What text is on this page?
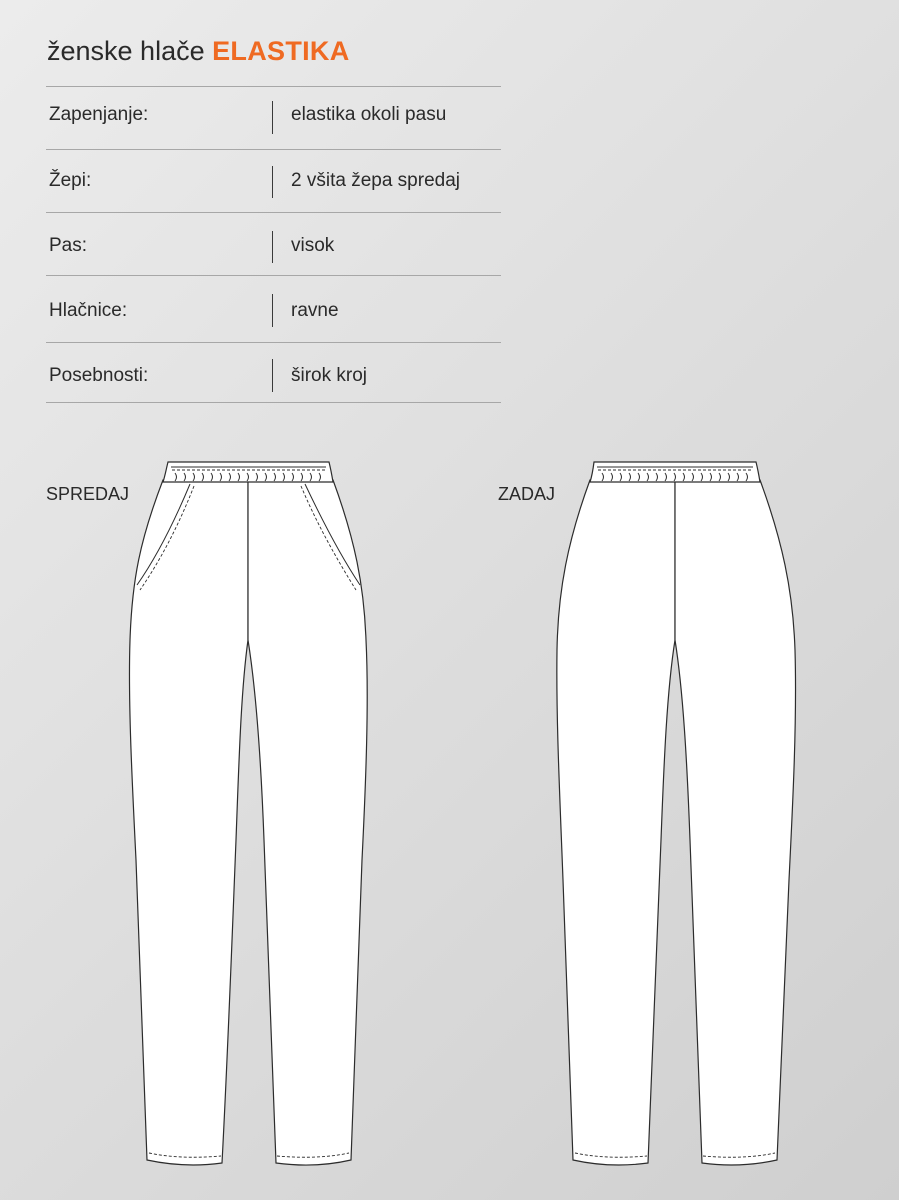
ženske hlače ELASTIKA
Zapenjanje:	elastika okoli pasu
Žepi:	2 všita žepa spredaj
Pas:	visok
Hlačnice:	ravne
Posebnosti:	širok kroj
SPREDAJ	ZADAJ
